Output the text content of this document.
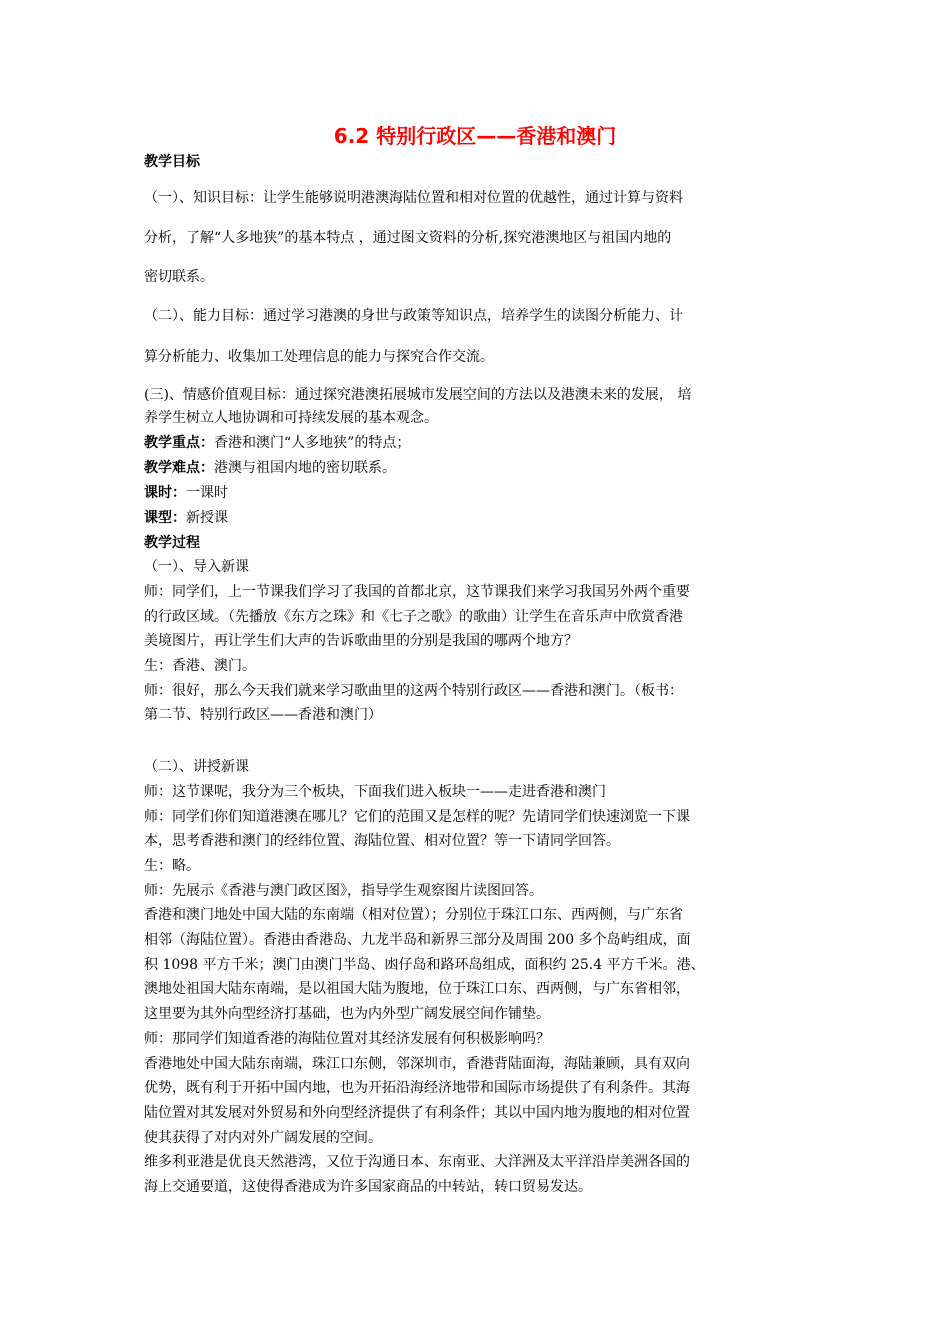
6.2 特别行政区——香港和澳门
教学目标
（一）、知识目标：让学生能够说明港澳海陆位置和相对位置的优越性，通过计算与资料
分析，了解“人多地狭”的基本特点 ，通过图文资料的分析,探究港澳地区与祖国内地的
密切联系。
（二）、能力目标：通过学习港澳的身世与政策等知识点，培养学生的读图分析能力、计
算分析能力、收集加工处理信息的能力与探究合作交流。
(三)、情感价值观目标：通过探究港澳拓展城市发展空间的方法以及港澳未来的发展， 培
养学生树立人地协调和可持续发展的基本观念。
教学重点：香港和澳门“人多地狭”的特点；
教学难点：港澳与祖国内地的密切联系。
课时：一课时
课型：新授课
教学过程
（一）、导入新课
师：同学们，上一节课我们学习了我国的首都北京，这节课我们来学习我国另外两个重要
的行政区域。（先播放《东方之珠》和《七子之歌》的歌曲）让学生在音乐声中欣赏香港
美境图片，再让学生们大声的告诉歌曲里的分别是我国的哪两个地方？
生：香港、澳门。
师：很好，那么今天我们就来学习歌曲里的这两个特别行政区——香港和澳门。（板书：
第二节、特别行政区——香港和澳门）
（二）、讲授新课
师：这节课呢，我分为三个板块，下面我们进入板块一——走进香港和澳门
师：同学们你们知道港澳在哪儿？它们的范围又是怎样的呢？先请同学们快速浏览一下课
本，思考香港和澳门的经纬位置、海陆位置、相对位置？等一下请同学回答。
生：略。
师：先展示《香港与澳门政区图》，指导学生观察图片读图回答。
香港和澳门地处中国大陆的东南端（相对位置）；分别位于珠江口东、西两侧，与广东省
相邻（海陆位置）。香港由香港岛、九龙半岛和新界三部分及周围 200 多个岛屿组成，面
积 1098 平方千米；澳门由澳门半岛、凼仔岛和路环岛组成，面积约 25.4 平方千米。港、
澳地处祖国大陆东南端，是以祖国大陆为腹地，位于珠江口东、西两侧，与广东省相邻，
这里要为其外向型经济打基础，也为内外型广阔发展空间作铺垫。
师：那同学们知道香港的海陆位置对其经济发展有何积极影响吗？
香港地处中国大陆东南端，珠江口东侧，邻深圳市，香港背陆面海，海陆兼顾，具有双向
优势，既有利于开拓中国内地，也为开拓沿海经济地带和国际市场提供了有利条件。其海
陆位置对其发展对外贸易和外向型经济提供了有利条件；其以中国内地为腹地的相对位置
使其获得了对内对外广阔发展的空间。
维多利亚港是优良天然港湾，又位于沟通日本、东南亚、大洋洲及太平洋沿岸美洲各国的
海上交通要道，这使得香港成为许多国家商品的中转站，转口贸易发达。
